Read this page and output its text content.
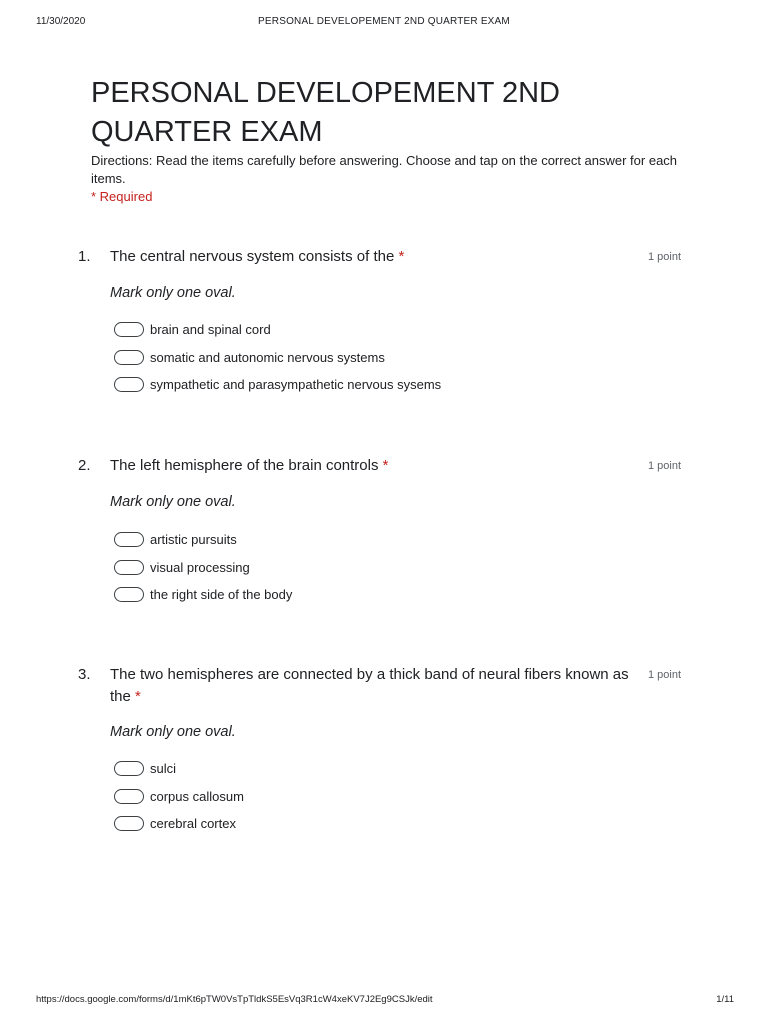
11/30/2020	PERSONAL DEVELOPEMENT 2ND QUARTER EXAM
PERSONAL DEVELOPEMENT 2ND QUARTER EXAM
Directions: Read the items carefully before answering. Choose and tap on the correct answer for each items.
* Required
1. The central nervous system consists of the *	1 point
Mark only one oval.
brain and spinal cord
somatic and autonomic nervous systems
sympathetic and parasympathetic nervous sysems
2. The left hemisphere of the brain controls *	1 point
Mark only one oval.
artistic pursuits
visual processing
the right side of the body
3. The two hemispheres are connected by a thick band of neural fibers known as the *
1 point
Mark only one oval.
sulci
corpus callosum
cerebral cortex
https://docs.google.com/forms/d/1mKt6pTW0VsTpTldkS5EsVq3R1cW4xeKV7J2Eg9CSJk/edit	1/11
